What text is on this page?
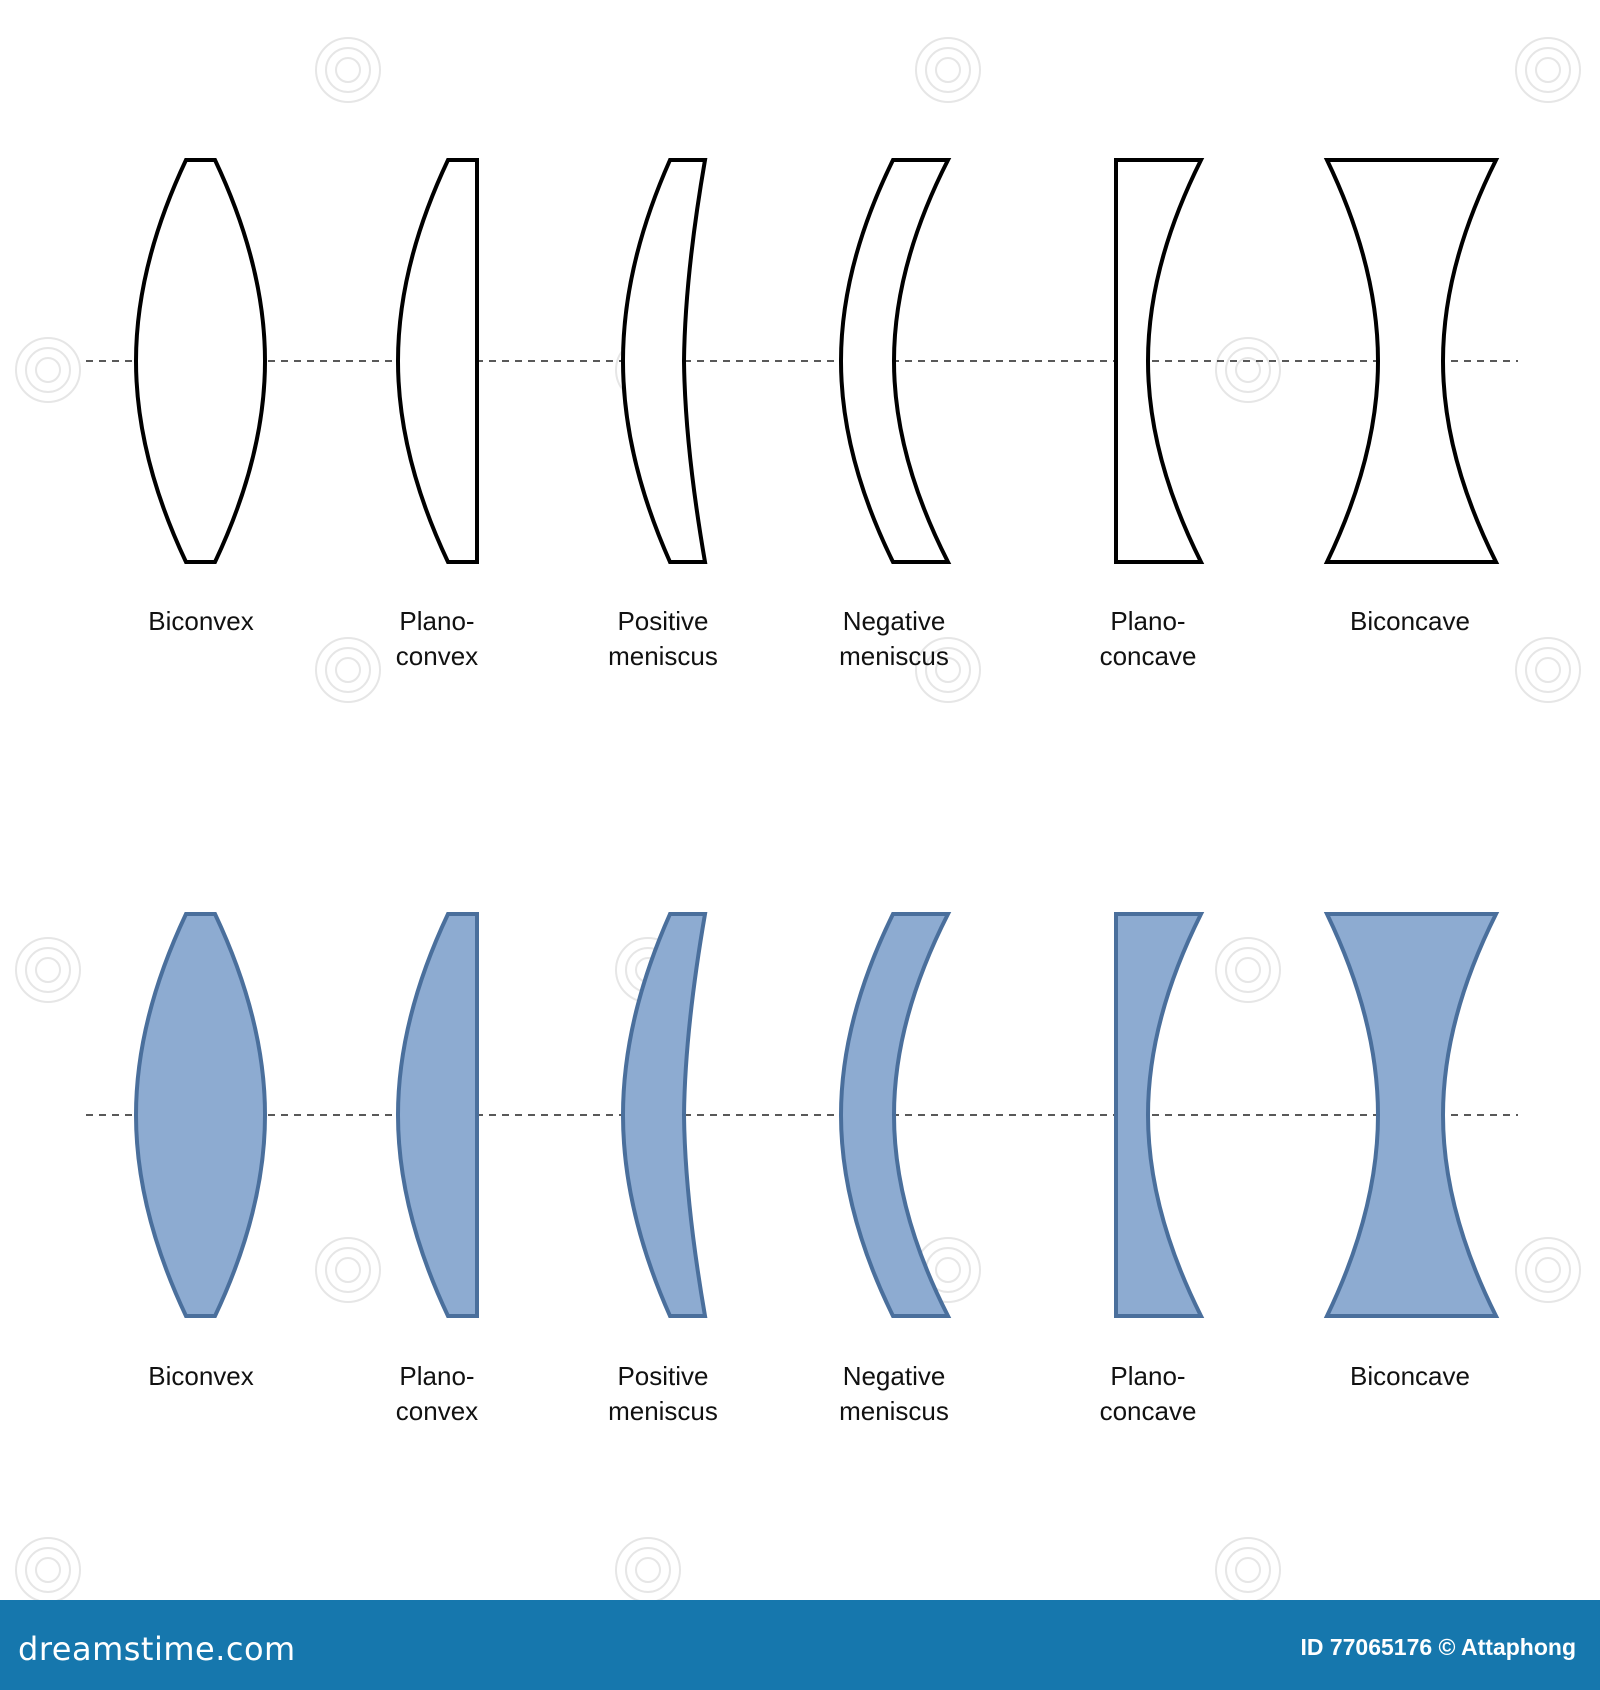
Biconvex	Plano-convex
Positive meniscus
Negative meniscus
Plano-concave
Biconcave
Biconvex	Plano-convex
Positive meniscus
Negative meniscus
Plano-concave
Biconcave
dreamstime.com	ID 77065176 © Attaphong
